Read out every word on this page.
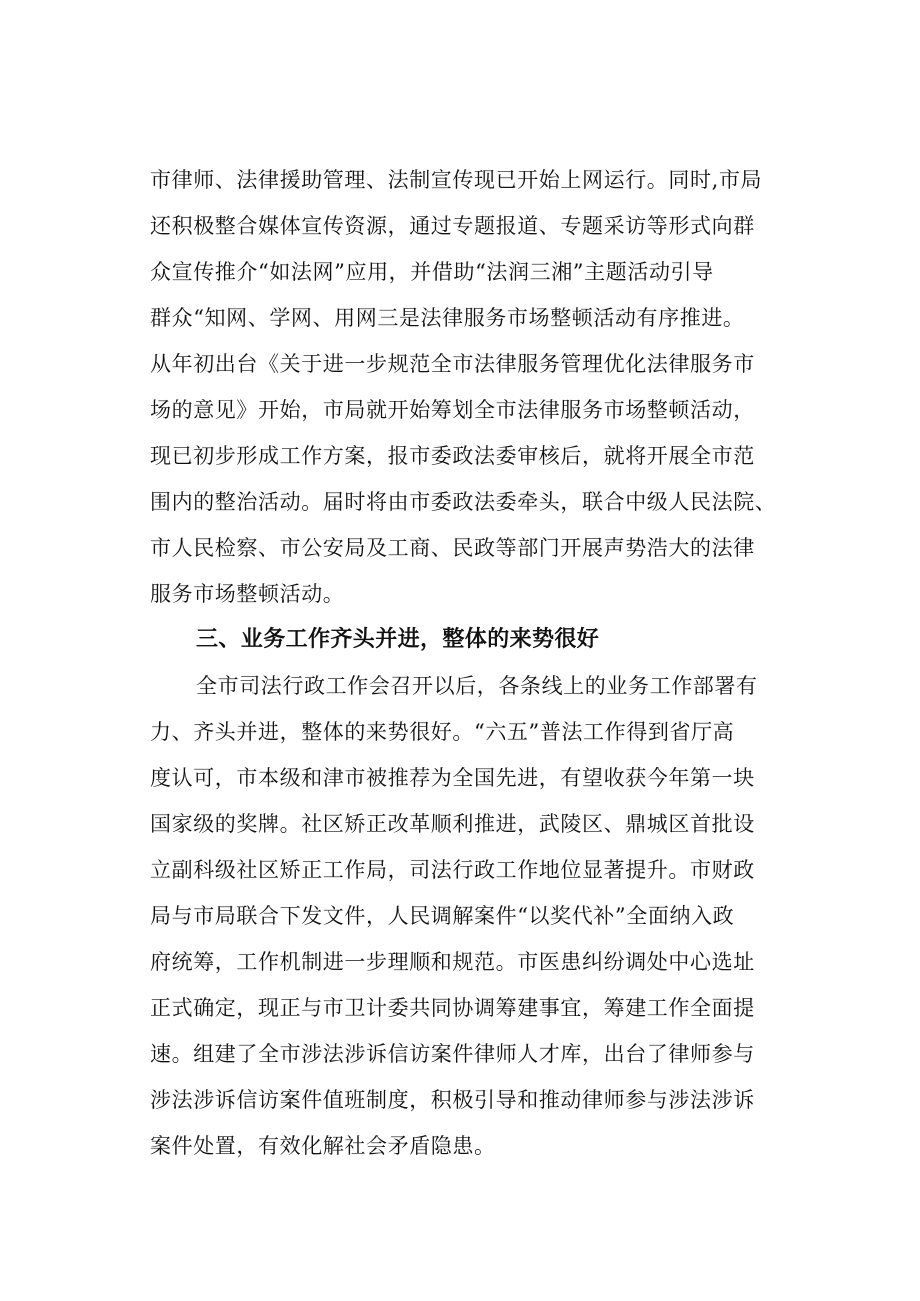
市律师、法律援助管理、法制宣传现已开始上网运行。同时,市局
还积极整合媒体宣传资源，通过专题报道、专题采访等形式向群
众宣传推介“如法网”应用，并借助“法润三湘”主题活动引导
群众“知网、学网、用网三是法律服务市场整顿活动有序推进。
从年初出台《关于进一步规范全市法律服务管理优化法律服务市
场的意见》开始，市局就开始筹划全市法律服务市场整顿活动，
现已初步形成工作方案，报市委政法委审核后，就将开展全市范
围内的整治活动。届时将由市委政法委牵头，联合中级人民法院、
市人民检察、市公安局及工商、民政等部门开展声势浩大的法律
服务市场整顿活动。
三、业务工作齐头并进，整体的来势很好
全市司法行政工作会召开以后，各条线上的业务工作部署有
力、齐头并进，整体的来势很好。“六五”普法工作得到省厅高
度认可，市本级和津市被推荐为全国先进，有望收获今年第一块
国家级的奖牌。社区矫正改革顺利推进，武陵区、鼎城区首批设
立副科级社区矫正工作局，司法行政工作地位显著提升。市财政
局与市局联合下发文件，人民调解案件“以奖代补”全面纳入政
府统筹，工作机制进一步理顺和规范。市医患纠纷调处中心选址
正式确定，现正与市卫计委共同协调筹建事宜，筹建工作全面提
速。组建了全市涉法涉诉信访案件律师人才库，出台了律师参与
涉法涉诉信访案件值班制度，积极引导和推动律师参与涉法涉诉
案件处置，有效化解社会矛盾隐患。
